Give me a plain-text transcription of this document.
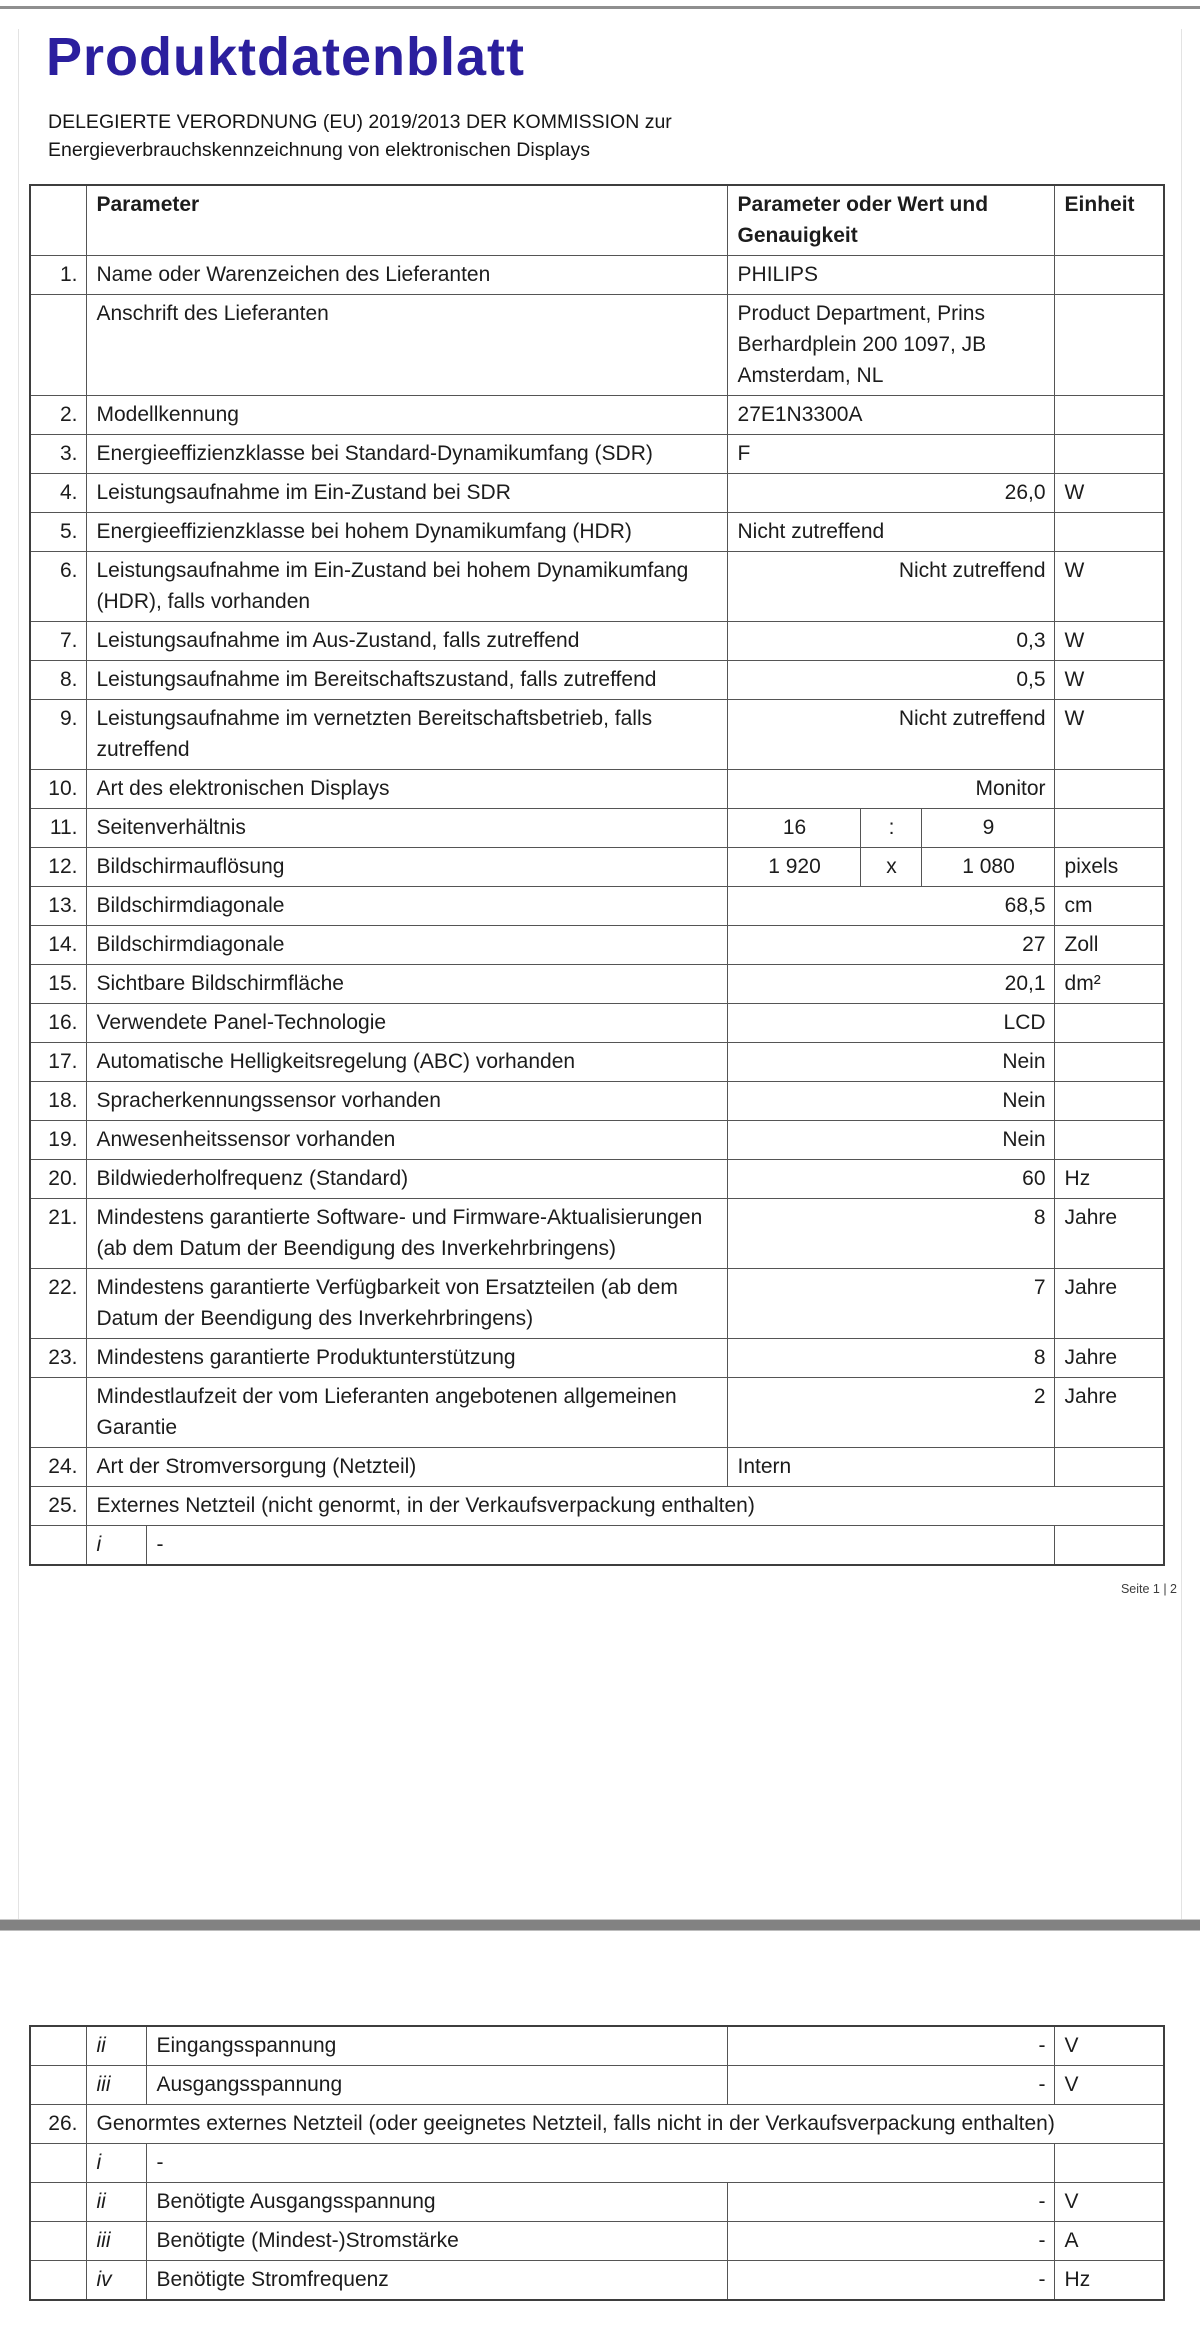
Produktdatenblatt
DELEGIERTE VERORDNUNG (EU) 2019/2013 DER KOMMISSION zur
Energieverbrauchskennzeichnung von elektronischen Displays
	Parameter		Parameter oder Wert und Genauigkeit			Einheit
1.	Name oder Warenzeichen des Lieferanten		PHILIPS			
	Anschrift des Lieferanten		Product Department, Prins Berhardplein 200 1097, JB Amsterdam, NL			
2.	Modellkennung		27E1N3300A			
3.	Energieeffizienzklasse bei Standard-Dynamikumfang (SDR)		F			
4.	Leistungsaufnahme im Ein-Zustand bei SDR		26,0			W
5.	Energieeffizienzklasse bei hohem Dynamikumfang (HDR)		Nicht zutreffend			
6.	Leistungsaufnahme im Ein-Zustand bei hohem Dynamikumfang (HDR), falls vorhanden		Nicht zutreffend			W
7.	Leistungsaufnahme im Aus-Zustand, falls zutreffend		0,3			W
8.	Leistungsaufnahme im Bereitschaftszustand, falls zutreffend		0,5			W
9.	Leistungsaufnahme im vernetzten Bereitschaftsbetrieb, falls zutreffend		Nicht zutreffend			W
10.	Art des elektronischen Displays		Monitor			
11.	Seitenverhältnis		16	:	9	
12.	Bildschirmauflösung		1 920	x	1 080	pixels
13.	Bildschirmdiagonale		68,5			cm
14.	Bildschirmdiagonale		27			Zoll
15.	Sichtbare Bildschirmfläche		20,1			dm²
16.	Verwendete Panel-Technologie		LCD			
17.	Automatische Helligkeitsregelung (ABC) vorhanden		Nein			
18.	Spracherkennungssensor vorhanden		Nein			
19.	Anwesenheitssensor vorhanden		Nein			
20.	Bildwiederholfrequenz (Standard)		60			Hz
21.	Mindestens garantierte Software- und Firmware-Aktualisierungen (ab dem Datum der Beendigung des Inverkehrbringens)		8			Jahre
22.	Mindestens garantierte Verfügbarkeit von Ersatzteilen (ab dem Datum der Beendigung des Inverkehrbringens)		7			Jahre
23.	Mindestens garantierte Produktunterstützung		8			Jahre
	Mindestlaufzeit der vom Lieferanten angebotenen allgemeinen Garantie		2			Jahre
24.	Art der Stromversorgung (Netzteil)		Intern			
25.	Externes Netzteil (nicht genormt, in der Verkaufsverpackung enthalten)					
	i	-				
Seite 1 | 2
	ii	Eingangsspannung	-	V
	iii	Ausgangsspannung	-	V
26.	Genormtes externes Netzteil (oder geeignetes Netzteil, falls nicht in der Verkaufsverpackung enthalten)			
	i	-		
	ii	Benötigte Ausgangsspannung	-	V
	iii	Benötigte (Mindest-)Stromstärke	-	A
	iv	Benötigte Stromfrequenz	-	Hz
